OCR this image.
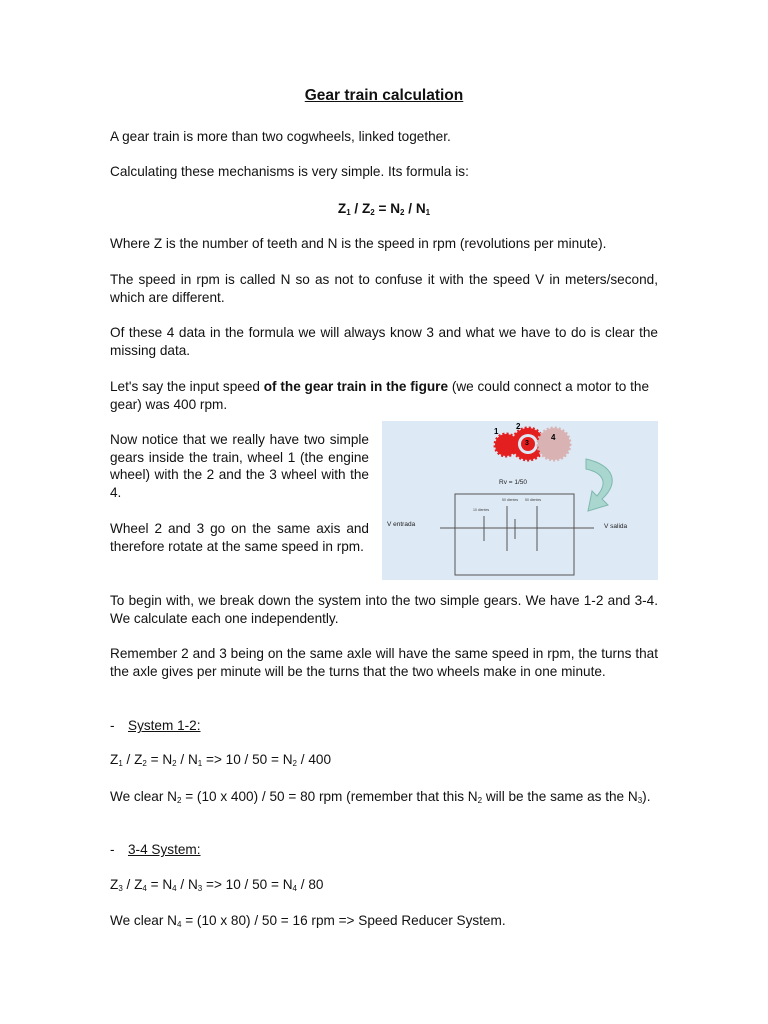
Gear train calculation

A gear train is more than two cogwheels, linked together.

Calculating these mechanisms is very simple. Its formula is:

$Z_1 / Z_2 = N_2 / N_1$

Where Z is the number of teeth and N is the speed in rpm (revolutions per minute).

The speed in rpm is called N so as not to confuse it with the speed V in meters/second, which are different.

Of these 4 data in the formula we will always know 3 and what we have to do is clear the missing data.

Let's say the input speed of the gear train in the figure (we could connect a motor to the gear) was 400 rpm.

Now notice that we really have two simple gears inside the train, wheel 1 (the engine wheel) with the 2 and the 3 wheel with the 4.

Wheel 2 and 3 go on the same axis and therefore rotate at the same speed in rpm.

1
2
3
4
Rv = 1/50
10 dientes
50 dientes 50 dientes
V entrada	V salida

To begin with, we break down the system into the two simple gears. We have 1-2 and 3-4. We calculate each one independently.

Remember 2 and 3 being on the same axle will have the same speed in rpm, the turns that the axle gives per minute will be the turns that the two wheels make in one minute.

- System 1-2:

$Z_1 / Z_2 = N_2 / N_1 => 10 / 50 = N_2 / 400$

We clear $N_2 = (10$ x 400) / 50 = 80 rpm (remember that this $N_2$ will be the same as the $N_3$).

- 3-4 System:

$Z_3 / Z_4 = N_4 / N_3 => 10 / 50 = N_4 / 80$

We clear $N_4 = (10$ x 80) / 50 = 16 rpm => Speed Reducer System.
